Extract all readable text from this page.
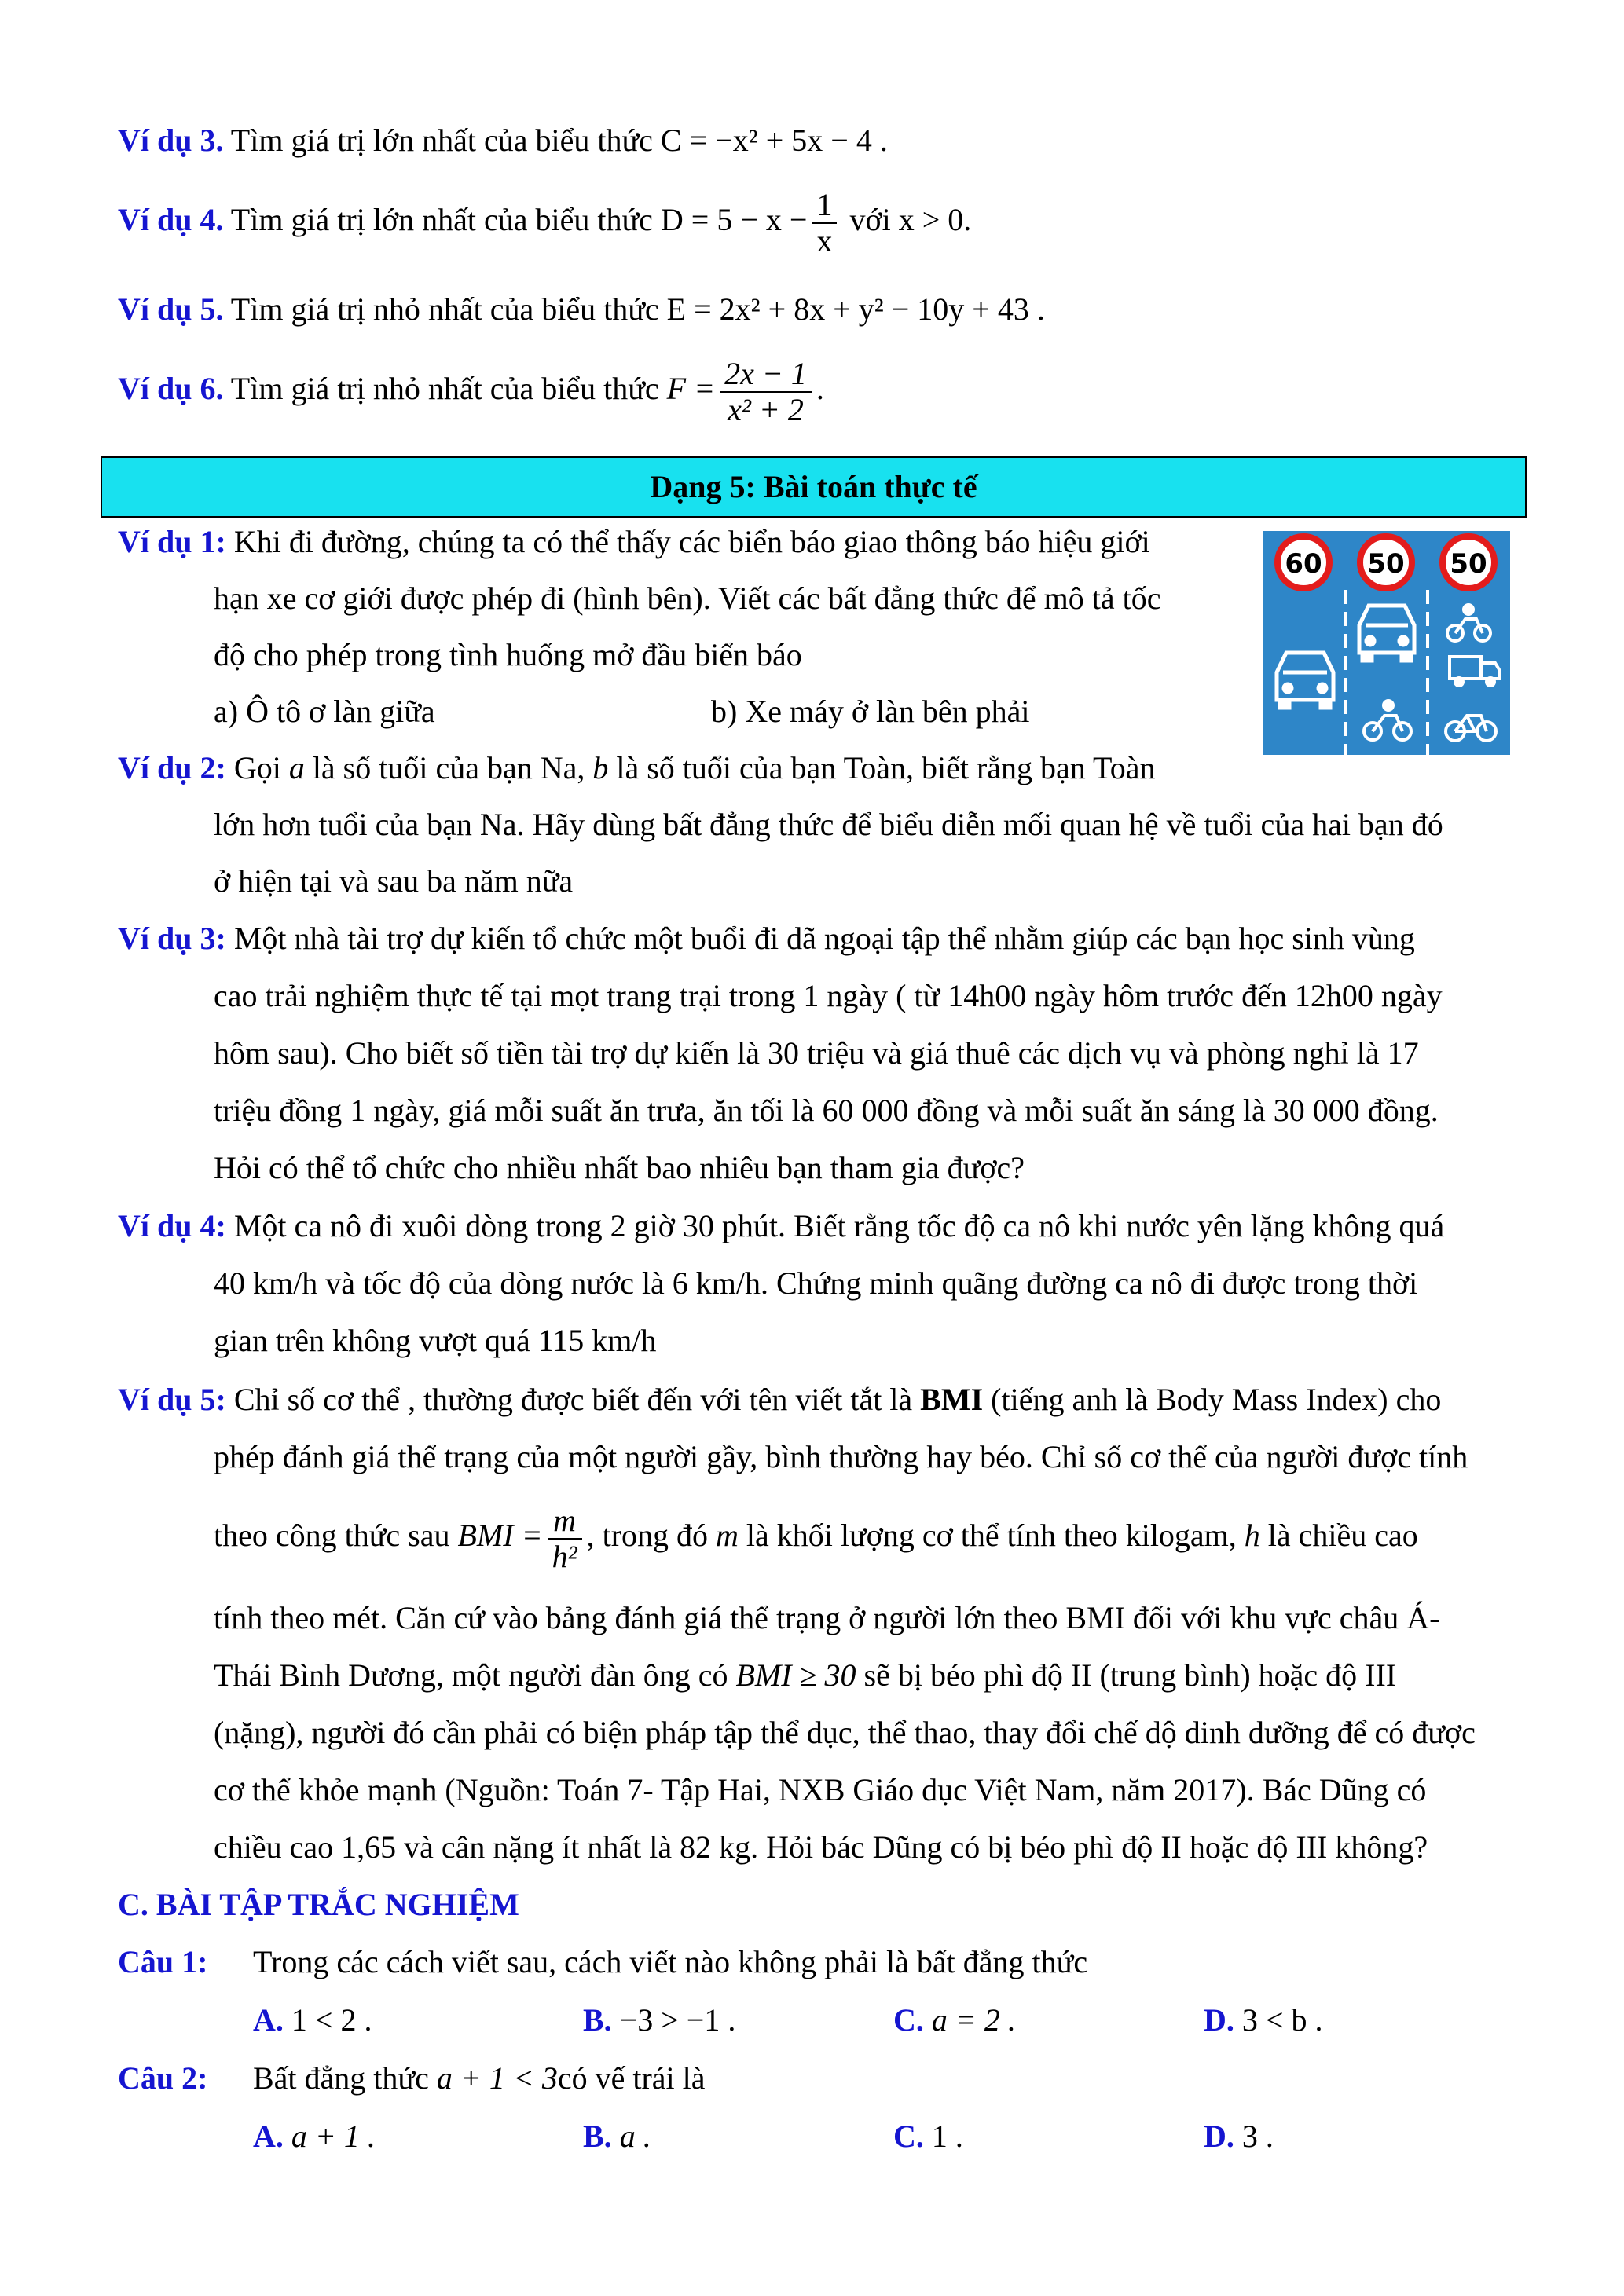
Ví dụ 3. Tìm giá trị lớn nhất của biểu thức C = −x² + 5x − 4 .
Ví dụ 4. Tìm giá trị lớn nhất của biểu thức $D = 5 - x - \frac{1}{x}$ với x > 0.
Ví dụ 5. Tìm giá trị nhỏ nhất của biểu thức E = 2x² + 8x + y² − 10y + 43 .
Ví dụ 6. Tìm giá trị nhỏ nhất của biểu thức $F = \frac{2x - 1}{\text{x² + 2}}$ .
Dạng 5: Bài toán thực tế
Ví dụ 1: Khi đi đường, chúng ta có thể thấy các biển báo giao thông báo hiệu giới
hạn xe cơ giới được phép đi (hình bên). Viết các bất đẳng thức để mô tả tốc
độ cho phép trong tình huống mở đầu biển báo
a) Ô tô ơ làn giữa	b) Xe máy ở làn bên phải
60 50 50
Ví dụ 2: Gọi a là số tuổi của bạn Na, b là số tuổi của bạn Toàn, biết rằng bạn Toàn
lớn hơn tuổi của bạn Na. Hãy dùng bất đẳng thức để biểu diễn mối quan hệ về tuổi của hai bạn đó
ở hiện tại và sau ba năm nữa
Ví dụ 3: Một nhà tài trợ dự kiến tổ chức một buổi đi dã ngoại tập thể nhằm giúp các bạn học sinh vùng
cao trải nghiệm thực tế tại mọt trang trại trong 1 ngày ( từ 14h00 ngày hôm trước đến 12h00 ngày
hôm sau). Cho biết số tiền tài trợ dự kiến là 30 triệu và giá thuê các dịch vụ và phòng nghỉ là 17
triệu đồng 1 ngày, giá mỗi suất ăn trưa, ăn tối là 60 000 đồng và mỗi suất ăn sáng là 30 000 đồng.
Hỏi có thể tổ chức cho nhiều nhất bao nhiêu bạn tham gia được?
Ví dụ 4: Một ca nô đi xuôi dòng trong 2 giờ 30 phút. Biết rằng tốc độ ca nô khi nước yên lặng không quá
40 km/h và tốc độ của dòng nước là 6 km/h. Chứng minh quãng đường ca nô đi được trong thời
gian trên không vượt quá 115 km/h
Ví dụ 5: Chỉ số cơ thể , thường được biết đến với tên viết tắt là BMI (tiếng anh là Body Mass Index) cho
phép đánh giá thể trạng của một người gầy, bình thường hay béo. Chỉ số cơ thể của người được tính
theo công thức sau BMI = $\frac{m}{\text{h²}}$ , trong đó m là khối lượng cơ thể tính theo kilogam, h là chiều cao
tính theo mét. Căn cứ vào bảng đánh giá thể trạng ở người lớn theo BMI đối với khu vực châu Á-
Thái Bình Dương, một người đàn ông có BMI ≥ 30 sẽ bị béo phì độ II (trung bình) hoặc độ III
(nặng), người đó cần phải có biện pháp tập thể dục, thể thao, thay đổi chế dộ dinh dưỡng để có được
cơ thể khỏe mạnh (Nguồn: Toán 7- Tập Hai, NXB Giáo dục Việt Nam, năm 2017). Bác Dũng có
chiều cao 1,65 và cân nặng ít nhất là 82 kg. Hỏi bác Dũng có bị béo phì độ II hoặc độ III không?
C. BÀI TẬP TRẮC NGHIỆM
Câu 1: Trong các cách viết sau, cách viết nào không phải là bất đẳng thức
A. 1 < 2 .	B. −3 > −1 .	C. a = 2 .	D. 3 < b .
Câu 2: Bất đẳng thức a + 1 < 3có vế trái là
A. a + 1 .	B. a .	C. 1 .	D. 3 .
